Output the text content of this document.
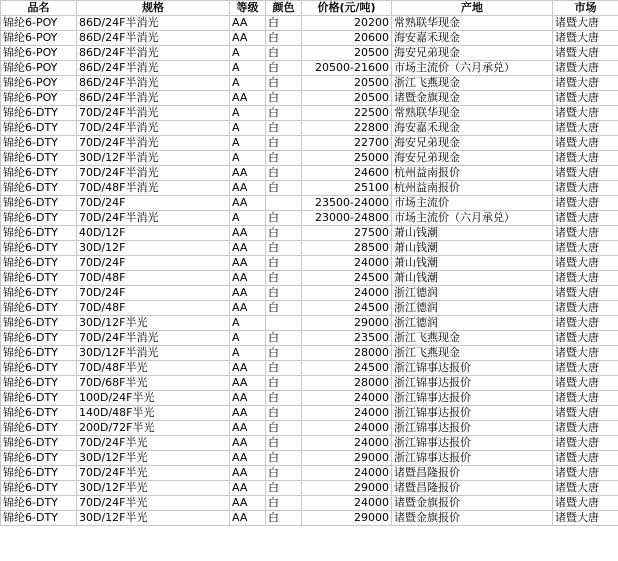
品名	规格	等级	颜色	价格(元/吨)	产地	市场
锦纶6-POY	86D/24F半消光	AA	白	20200	常熟联华现金	诸暨大唐
锦纶6-POY	86D/24F半消光	AA	白	20600	海安嘉禾现金	诸暨大唐
锦纶6-POY	86D/24F半消光	A	白	20500	海安兄弟现金	诸暨大唐
锦纶6-POY	86D/24F半消光	A	白	20500-21600	市场主流价（六月承兑）	诸暨大唐
锦纶6-POY	86D/24F半消光	A	白	20500	浙江飞燕现金	诸暨大唐
锦纶6-POY	86D/24F半消光	AA	白	20500	诸暨金旗现金	诸暨大唐
锦纶6-DTY	70D/24F半消光	A	白	22500	常熟联华现金	诸暨大唐
锦纶6-DTY	70D/24F半消光	A	白	22800	海安嘉禾现金	诸暨大唐
锦纶6-DTY	70D/24F半消光	A	白	22700	海安兄弟现金	诸暨大唐
锦纶6-DTY	30D/12F半消光	A	白	25000	海安兄弟现金	诸暨大唐
锦纶6-DTY	70D/24F半消光	AA	白	24600	杭州益南报价	诸暨大唐
锦纶6-DTY	70D/48F半消光	AA	白	25100	杭州益南报价	诸暨大唐
锦纶6-DTY	70D/24F	AA		23500-24000	市场主流价	诸暨大唐
锦纶6-DTY	70D/24F半消光	A	白	23000-24800	市场主流价（六月承兑）	诸暨大唐
锦纶6-DTY	40D/12F	AA	白	27500	萧山钱潮	诸暨大唐
锦纶6-DTY	30D/12F	AA	白	28500	萧山钱潮	诸暨大唐
锦纶6-DTY	70D/24F	AA	白	24000	萧山钱潮	诸暨大唐
锦纶6-DTY	70D/48F	AA	白	24500	萧山钱潮	诸暨大唐
锦纶6-DTY	70D/24F	AA	白	24000	浙江德润	诸暨大唐
锦纶6-DTY	70D/48F	AA	白	24500	浙江德润	诸暨大唐
锦纶6-DTY	30D/12F半光	A		29000	浙江德润	诸暨大唐
锦纶6-DTY	70D/24F半消光	A	白	23500	浙江飞燕现金	诸暨大唐
锦纶6-DTY	30D/12F半消光	A	白	28000	浙江飞燕现金	诸暨大唐
锦纶6-DTY	70D/48F半光	AA	白	24500	浙江锦事达报价	诸暨大唐
锦纶6-DTY	70D/68F半光	AA	白	28000	浙江锦事达报价	诸暨大唐
锦纶6-DTY	100D/24F半光	AA	白	24000	浙江锦事达报价	诸暨大唐
锦纶6-DTY	140D/48F半光	AA	白	24000	浙江锦事达报价	诸暨大唐
锦纶6-DTY	200D/72F半光	AA	白	24000	浙江锦事达报价	诸暨大唐
锦纶6-DTY	70D/24F半光	AA	白	24000	浙江锦事达报价	诸暨大唐
锦纶6-DTY	30D/12F半光	AA	白	29000	浙江锦事达报价	诸暨大唐
锦纶6-DTY	70D/24F半光	AA	白	24000	诸暨昌隆报价	诸暨大唐
锦纶6-DTY	30D/12F半光	AA	白	29000	诸暨昌隆报价	诸暨大唐
锦纶6-DTY	70D/24F半光	AA	白	24000	诸暨金旗报价	诸暨大唐
锦纶6-DTY	30D/12F半光	AA	白	29000	诸暨金旗报价	诸暨大唐
